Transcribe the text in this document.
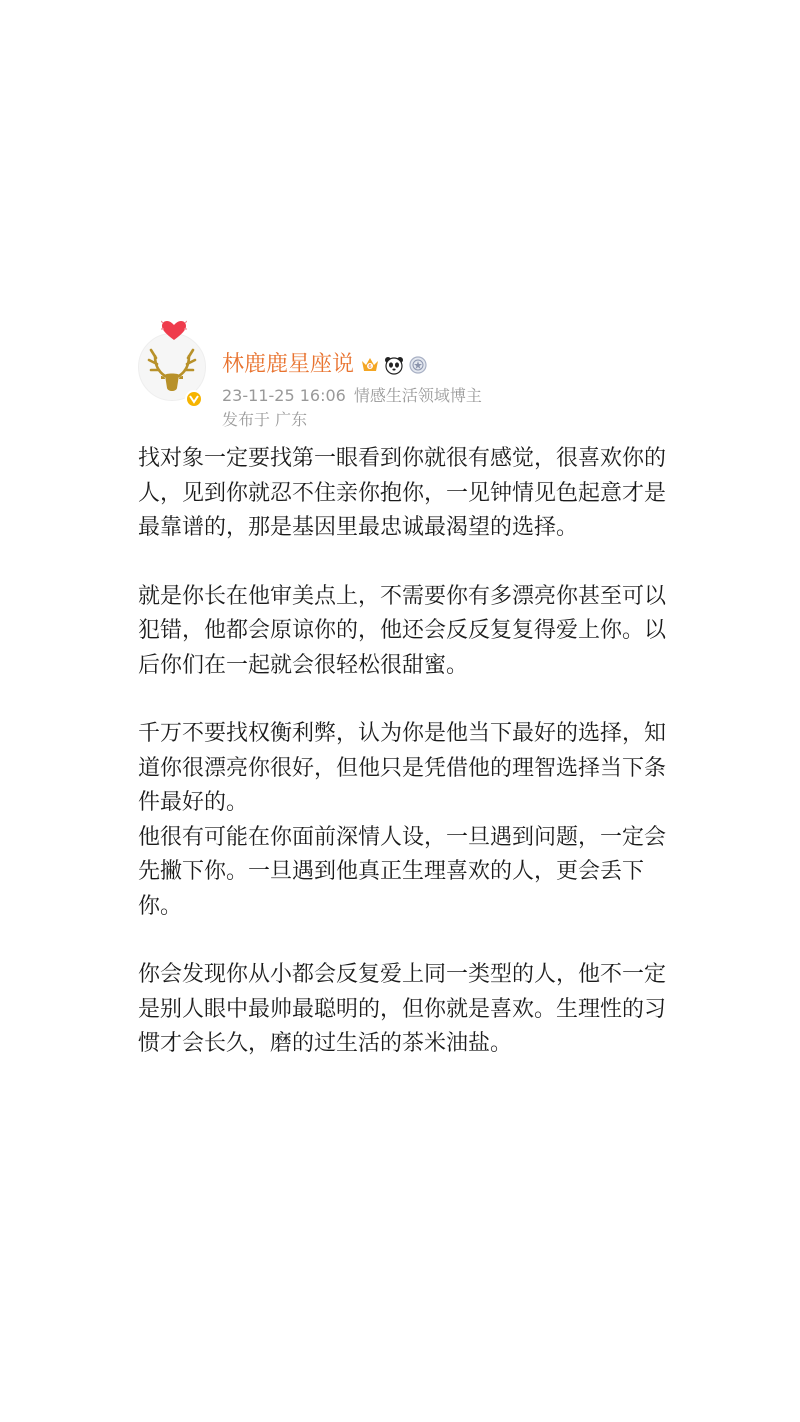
林鹿鹿星座说	6
23-11-25 16:06 情感生活领域博主
发布于 广东

找对象一定要找第一眼看到你就很有感觉，很喜欢你的人，见到你就忍不住亲你抱你，一见钟情见色起意才是最靠谱的，那是基因里最忠诚最渴望的选择。

就是你长在他审美点上，不需要你有多漂亮你甚至可以犯错，他都会原谅你的，他还会反反复复得爱上你。以后你们在一起就会很轻松很甜蜜。

千万不要找权衡利弊，认为你是他当下最好的选择，知道你很漂亮你很好，但他只是凭借他的理智选择当下条件最好的。

他很有可能在你面前深情人设，一旦遇到问题，一定会先撇下你。一旦遇到他真正生理喜欢的人，更会丢下你。

你会发现你从小都会反复爱上同一类型的人，他不一定是别人眼中最帅最聪明的，但你就是喜欢。生理性的习惯才会长久，磨的过生活的茶米油盐。
